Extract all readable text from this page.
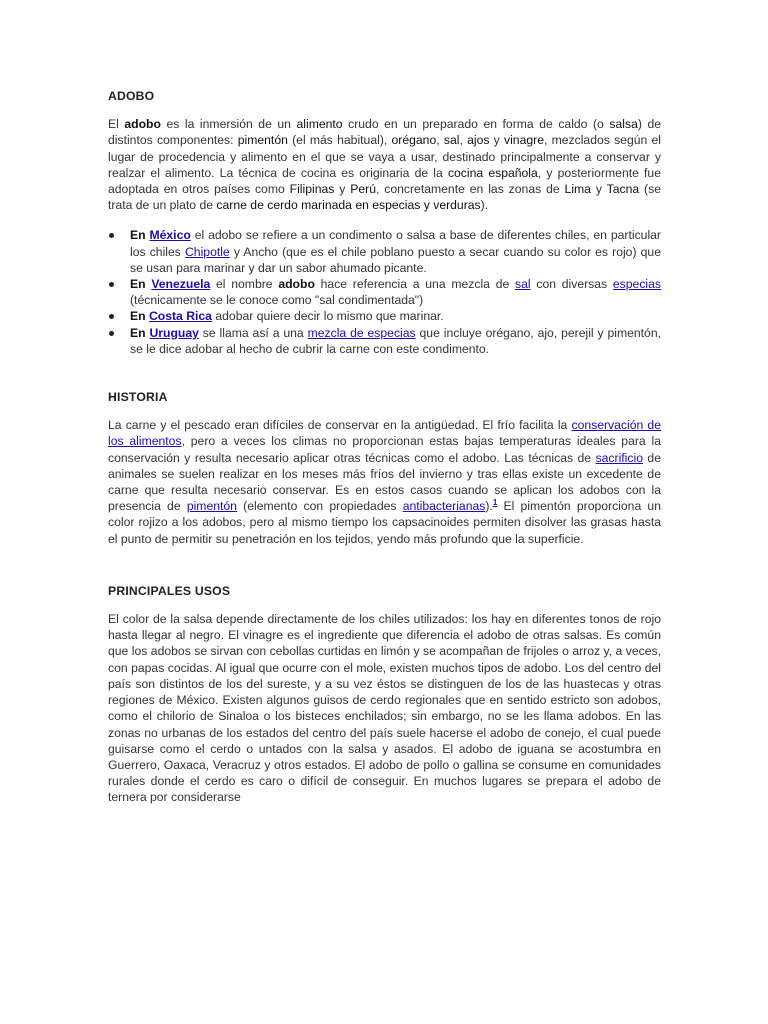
ADOBO

El adobo es la inmersión de un alimento crudo en un preparado en forma de caldo (o salsa) de distintos componentes: pimentón (el más habitual), orégano, sal, ajos y vinagre, mezclados según el lugar de procedencia y alimento en el que se vaya a usar, destinado principalmente a conservar y realzar el alimento. La técnica de cocina es originaria de la cocina española, y posteriormente fue adoptada en otros países como Filipinas y Perú, concretamente en las zonas de Lima y Tacna (se trata de un plato de carne de cerdo marinada en especias y verduras).

En México el adobo se refiere a un condimento o salsa a base de diferentes chiles, en particular los chiles Chipotle y Ancho (que es el chile poblano puesto a secar cuando su color es rojo) que se usan para marinar y dar un sabor ahumado picante.
En Venezuela el nombre adobo hace referencia a una mezcla de sal con diversas especias (técnicamente se le conoce como "sal condimentada")
En Costa Rica adobar quiere decir lo mismo que marinar.
En Uruguay se llama así a una mezcla de especias que incluye orégano, ajo, perejil y pimentón, se le dice adobar al hecho de cubrir la carne con este condimento.
HISTORIA

La carne y el pescado eran difíciles de conservar en la antigüedad. El frío facilita la conservación de los alimentos, pero a veces los climas no proporcionan estas bajas temperaturas ideales para la conservación y resulta necesario aplicar otras técnicas como el adobo. Las técnicas de sacrificio de animales se suelen realizar en los meses más fríos del invierno y tras ellas existe un excedente de carne que resulta necesario conservar. Es en estos casos cuando se aplican los adobos con la presencia de pimentón (elemento con propiedades antibacterianas).$^1$ El pimentón proporciona un color rojizo a los adobos, pero al mismo tiempo los capsacinoides permiten disolver las grasas hasta el punto de permitir su penetración en los tejidos, yendo más profundo que la superficie.

PRINCIPALES USOS

El color de la salsa depende directamente de los chiles utilizados: los hay en diferentes tonos de rojo hasta llegar al negro. El vinagre es el ingrediente que diferencia el adobo de otras salsas. Es común que los adobos se sirvan con cebollas curtidas en limón y se acompañan de frijoles o arroz y, a veces, con papas cocidas. Al igual que ocurre con el mole, existen muchos tipos de adobo. Los del centro del país son distintos de los del sureste, y a su vez éstos se distinguen de los de las huastecas y otras regiones de México. Existen algunos guisos de cerdo regionales que en sentido estricto son adobos, como el chilorio de Sinaloa o los bisteces enchilados; sin embargo, no se les llama adobos. En las zonas no urbanas de los estados del centro del país suele hacerse el adobo de conejo, el cual puede guisarse como el cerdo o untados con la salsa y asados. El adobo de iguana se acostumbra en Guerrero, Oaxaca, Veracruz y otros estados. El adobo de pollo o gallina se consume en comunidades rurales donde el cerdo es caro o difícil de conseguir. En muchos lugares se prepara el adobo de ternera por considerarse
